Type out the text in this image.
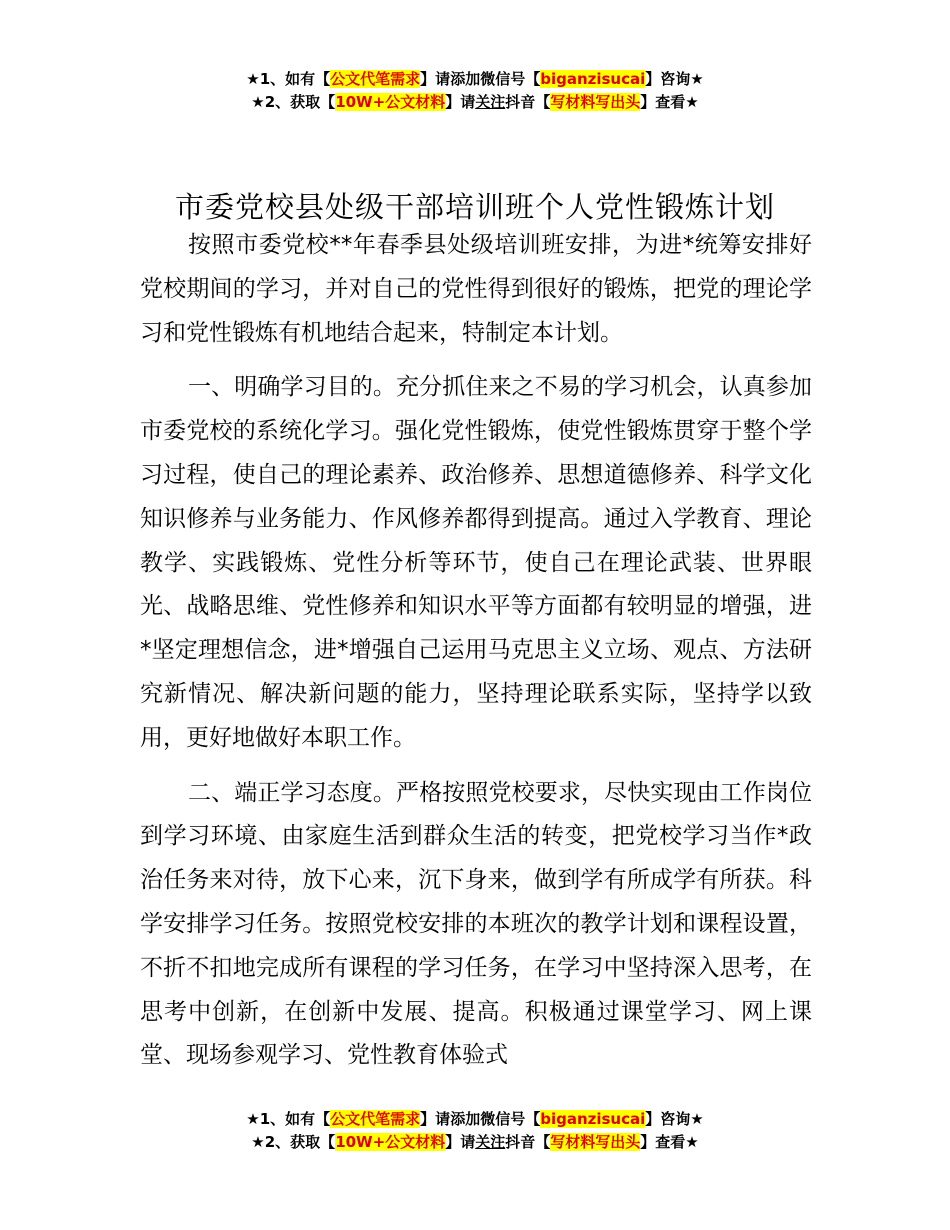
★1、如有【公文代笔需求】请添加微信号【biganzisucai】咨询★
★2、获取【10W+公文材料】请关注抖音【写材料写出头】查看★
市委党校县处级干部培训班个人党性锻炼计划

按照市委党校**年春季县处级培训班安排，为进*统筹安排好党校期间的学习，并对自己的党性得到很好的锻炼，把党的理论学习和党性锻炼有机地结合起来，特制定本计划。

一、明确学习目的。充分抓住来之不易的学习机会，认真参加市委党校的系统化学习。强化党性锻炼，使党性锻炼贯穿于整个学习过程，使自己的理论素养、政治修养、思想道德修养、科学文化知识修养与业务能力、作风修养都得到提高。通过入学教育、理论教学、实践锻炼、党性分析等环节，使自己在理论武装、世界眼光、战略思维、党性修养和知识水平等方面都有较明显的增强，进*坚定理想信念，进*增强自己运用马克思主义立场、观点、方法研究新情况、解决新问题的能力，坚持理论联系实际，坚持学以致用，更好地做好本职工作。

二、端正学习态度。严格按照党校要求，尽快实现由工作岗位到学习环境、由家庭生活到群众生活的转变，把党校学习当作*政治任务来对待，放下心来，沉下身来，做到学有所成学有所获。科学安排学习任务。按照党校安排的本班次的教学计划和课程设置，不折不扣地完成所有课程的学习任务，在学习中坚持深入思考，在思考中创新，在创新中发展、提高。积极通过课堂学习、网上课堂、现场参观学习、党性教育体验式

★1、如有【公文代笔需求】请添加微信号【biganzisucai】咨询★
★2、获取【10W+公文材料】请关注抖音【写材料写出头】查看★
